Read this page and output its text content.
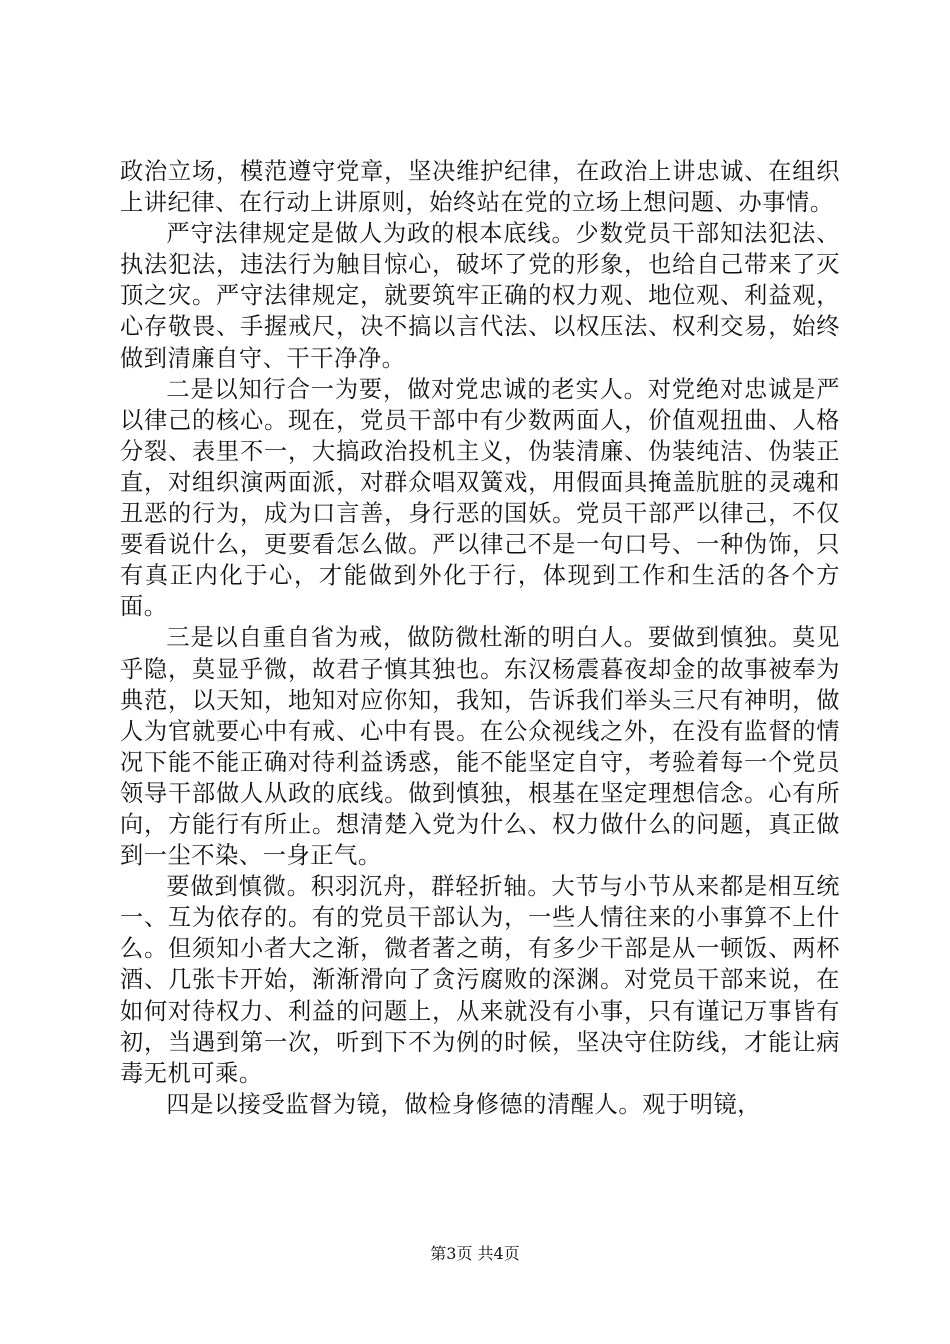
政治立场，模范遵守党章，坚决维护纪律，在政治上讲忠诚、在组织上讲纪律、在行动上讲原则，始终站在党的立场上想问题、办事情。

严守法律规定是做人为政的根本底线。少数党员干部知法犯法、执法犯法，违法行为触目惊心，破坏了党的形象，也给自己带来了灭顶之灾。严守法律规定，就要筑牢正确的权力观、地位观、利益观，心存敬畏、手握戒尺，决不搞以言代法、以权压法、权利交易，始终做到清廉自守、干干净净。

二是以知行合一为要，做对党忠诚的老实人。对党绝对忠诚是严以律己的核心。现在，党员干部中有少数两面人，价值观扭曲、人格分裂、表里不一，大搞政治投机主义，伪装清廉、伪装纯洁、伪装正直，对组织演两面派，对群众唱双簧戏，用假面具掩盖肮脏的灵魂和丑恶的行为，成为口言善，身行恶的国妖。党员干部严以律己，不仅要看说什么，更要看怎么做。严以律己不是一句口号、一种伪饰，只有真正内化于心，才能做到外化于行，体现到工作和生活的各个方面。

三是以自重自省为戒，做防微杜渐的明白人。要做到慎独。莫见乎隐，莫显乎微，故君子慎其独也。东汉杨震暮夜却金的故事被奉为典范，以天知，地知对应你知，我知，告诉我们举头三尺有神明，做人为官就要心中有戒、心中有畏。在公众视线之外，在没有监督的情况下能不能正确对待利益诱惑，能不能坚定自守，考验着每一个党员领导干部做人从政的底线。做到慎独，根基在坚定理想信念。心有所向，方能行有所止。想清楚入党为什么、权力做什么的问题，真正做到一尘不染、一身正气。

要做到慎微。积羽沉舟，群轻折轴。大节与小节从来都是相互统一、互为依存的。有的党员干部认为，一些人情往来的小事算不上什么。但须知小者大之渐，微者著之萌，有多少干部是从一顿饭、两杯酒、几张卡开始，渐渐滑向了贪污腐败的深渊。对党员干部来说，在如何对待权力、利益的问题上，从来就没有小事，只有谨记万事皆有初，当遇到第一次，听到下不为例的时候，坚决守住防线，才能让病毒无机可乘。

四是以接受监督为镜，做检身修德的清醒人。观于明镜，

第3页 共4页
